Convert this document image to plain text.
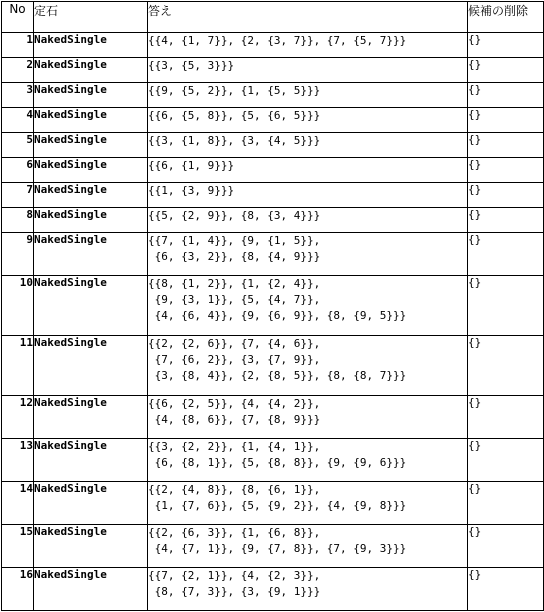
No	定石	答え	候補の削除
1	NakedSingle	{{4, {1, 7}}, {2, {3, 7}}, {7, {5, 7}}}	{}
2	NakedSingle	{{3, {5, 3}}}	{}
3	NakedSingle	{{9, {5, 2}}, {1, {5, 5}}}	{}
4	NakedSingle	{{6, {5, 8}}, {5, {6, 5}}}	{}
5	NakedSingle	{{3, {1, 8}}, {3, {4, 5}}}	{}
6	NakedSingle	{{6, {1, 9}}}	{}
7	NakedSingle	{{1, {3, 9}}}	{}
8	NakedSingle	{{5, {2, 9}}, {8, {3, 4}}}	{}
9	NakedSingle	{{7, {1, 4}}, {9, {1, 5}},
{6, {3, 2}}, {8, {4, 9}}}	{}
10	NakedSingle	{{8, {1, 2}}, {1, {2, 4}},
{9, {3, 1}}, {5, {4, 7}},
{4, {6, 4}}, {9, {6, 9}}, {8, {9, 5}}}	{}
11	NakedSingle	{{2, {2, 6}}, {7, {4, 6}},
{7, {6, 2}}, {3, {7, 9}},
{3, {8, 4}}, {2, {8, 5}}, {8, {8, 7}}}	{}
12	NakedSingle	{{6, {2, 5}}, {4, {4, 2}},
{4, {8, 6}}, {7, {8, 9}}}	{}
13	NakedSingle	{{3, {2, 2}}, {1, {4, 1}},
{6, {8, 1}}, {5, {8, 8}}, {9, {9, 6}}}	{}
14	NakedSingle	{{2, {4, 8}}, {8, {6, 1}},
{1, {7, 6}}, {5, {9, 2}}, {4, {9, 8}}}	{}
15	NakedSingle	{{2, {6, 3}}, {1, {6, 8}},
{4, {7, 1}}, {9, {7, 8}}, {7, {9, 3}}}	{}
16	NakedSingle	{{7, {2, 1}}, {4, {2, 3}},
{8, {7, 3}}, {3, {9, 1}}}	{}
